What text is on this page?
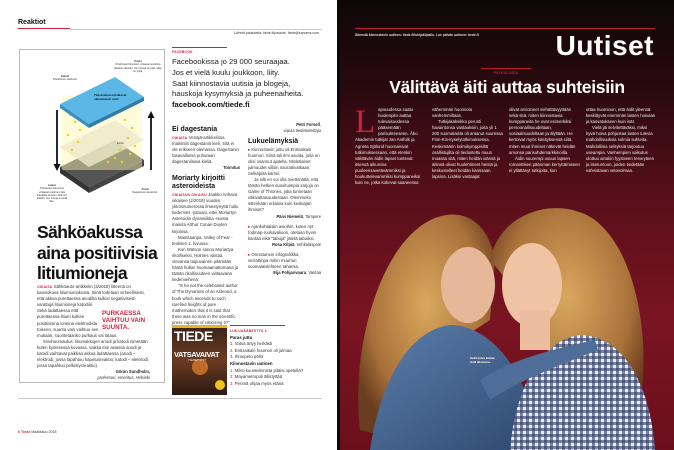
Reaktiot
Lähetä palautetta: tiede.fi/palaute, tiede@sanoma.com
Purku
Positiiviset litiumionit virtaavat anodista takaisin katodiin. Kun ioneja ei kulje, akku on tyhjä.
Katodi
Positiivinen elektrodi.
Tässä akussa kulkevat oikeanlaiset ionit.
Erotin
Lataus
Positiiviset litiumionit virtaavat erottimen läpi katodista anodiin. Akku on ladattu, kun ioneja ei enää liiku.
Anodi
Negatiivinen elektrodi.
Sähköakussa
aina positiivisia
litiumioneja

OIKAISU Sähköauto-artikkelin (3/2018) litteenä on kaaviokuva litiumioniakusta. Siinä todetaan virheellisesti, että akkua purettaessa anodilta kulkisi negatiivisesti varattuja litiumioneja katodiin.

PURKAESSA VAIHTUU VAIN SUUNTA.

Sekä ladattaessa että purettaessa litium kulkee positiivisina ioneina elektrodista toiseen, suunta vain vaihtuu sen mukaan, suoritetaanko purkaus vai lataus.

Sivuhuomautus: litiumakkujen anodi ja katodi nimetään kuten kyseisessä kuvassa, vaikka itse asiassa anodi ja katodi vaihtavat paikkaa akkua ladattaessa (anodi – elektrodi, jossa tapahtuu hapetusreaktio; katodi – elektrodi, jossa tapahtuu pelkistysreaktio).

Göran Sundholm,
professori, emeritus, Helsinki
6 Tiede Maaliskuu 2018
FACEBOOK
Facebookissa jo 29 000 seuraajaa.
Jos et vielä kuulu joukkoon, liity.
Saat kiinnostavia uutisia ja blogeja,
hauskoja kysymyksiä ja puheenaiheita.
facebook.com/tiede.fi
Ei dagestania

OIKAISU Venäjä-artikkelissa mainittiin dagestanin kieli. Sitä ei ole erikseen olemassa. Dagestanin tasavallassa puhutaan dagestanilaisia kieliä.

Toimitus
Moriarty kirjoitti asteroideista

OIKAISUN OIKAISU Jaakko Anhava oikaisee (2/2018) vuoden ykkösnumerossa ilmestynyttä hullu tiedemies -juttuani, ettei Moriartyn Asteroidin dynamiikka -teosta mainita Arthur Conan Doylen kirjoissa.

Mainitaanpa, Valley of Fear -teoksen 1. luvussa.

Kun Watson sanoo Moriartya rikolliseksi, Holmes vastaa olevansa taipuvainen pitämään häntä hullun huomaamattomana ja tämän rikollisuuteen viittaavana tiedemiehenä:

"Is he not the celebrated author of The Dynamics of an Asteroid, a book which ascends to such rarefied heights of pure mathematics that it is said that there was no man in the scientific press capable of criticizing it?"

Petri Forsell,
vapaa tiedetoimittaja
Lukuelämyksiä

▸ Kiinnostavin juttu oli Entisaikain huumori. Siinä tuli ilmi asioita, joita en olisi osannut ajatella. Minkälaiset julmuudet silloin naurattivatkaan. Selkäpiitä karmii.

Ja silti en voi olla miettimättä, että tämän hetken suosituimpia sarjoja on Game of Thrones, joka tunnetaan väkivaltaisuudestaan. Olemmeko sittenkään erilaisia kuin keskiajan ihmiset?

Päivi Niemelä, Tampere

▸ Ajankohtaisiin asioihin, kuten nyt fodmap-ruokavalioon, otetaan hyvin kantaa eikä "tabuja" jätetä tabuiksi.

Rosa Kilpiä, Vehkalaspale

▸ Onnistunein infografiikka, verrattinpa mihin muuhun suomalaislehteen tahansa.

Eija Pohjanvaara, Vantaa
TIEDE
VATSAVAIVAT
YLEISET SYYT
LUKIJAÄÄNESTYS 2
Paras juttu
1. Vatsa ärtyy herkästi
2. Entisaikain huumori oli julmaa
3. Ihmepeto pöllö
Kiinnostavin uutinen
1. Miksi kuuntelemista pitäisi opetella?
2. Mayametropoli ällistyttää
3. Perimä ohjaa myös etänä
Heitä hoiva kantaa vielä aikuisena.
Äänestä kiinnostavin uutinen: tiede.fi/lukijakilpailu. Lue päivän uutinen: tiede.fi	Uutiset
PSYKOLOGIA
Välittävä äiti auttaa suhteisiin
Lapsuudessa saatu huolenpito auttaa tulevaisuudessa pääsemään parisuhteeseen. Åbo Akademin tutkijat Jan Antfolk ja Agneta Sjölund huomaisivat tutkimuksessaan, että etenkin välittävän äidin lapset tuntevat itsensä aikuisina puoleensavetävämmiksi ja houkuttelevammiksi kumppaneiksi kuin ne, jotka kokevat saaneensa

vähemmän huomiota vanhemmiltaan.

Tutkijakaksikko perusti havaintonsa vastauksiin, joita yli 1 200 suomalaista oli antanut suuressa Finn-Kin-kyselytutkimuksessa. Keskimäärin kolmikymppisiltä osallistujilta oli tiedusteltu muun muassa sitä, miten heidän isänsä ja äitinsä olivat huolehtineet heistä ja keskustelleet heidän kanssaan lapsina. Lisäksi vastaajat

olivat arvioineet viehättävyyttään sekä sitä, miten kiinnostavia kumppaneita he ovat esimerkiksi persoonallisuudeltaan, sosiaalisuudeltaan ja älyltään. He kertoivat myös käsityksensä siitä, miten muut ihmiset näkevät heidän arvonsa parisuhdemarkkinoilla.

Äidin suurempi osuus lapsen romanttisen pääoman kerryttämiseen ei yllättänyt tutkijoita, kun

ottaa huomioon, että äidit yleensä keskittyvät enemmän lasten hoivaan ja kasvatukseen kuin isät.

Vielä jäi selvitettäväksi, miksi hyvä hoiva pohjustaa lasten tulevia mahdollisuuksia solmia suhteita. Mahdollisia selityksiä tarjoutuu useampia. Vanhempien vaikutus ulottuu ainakin fyysiseen terveyteen ja itsetuntoon, joiden tiedetään vahvistavan vetovoimaa.
